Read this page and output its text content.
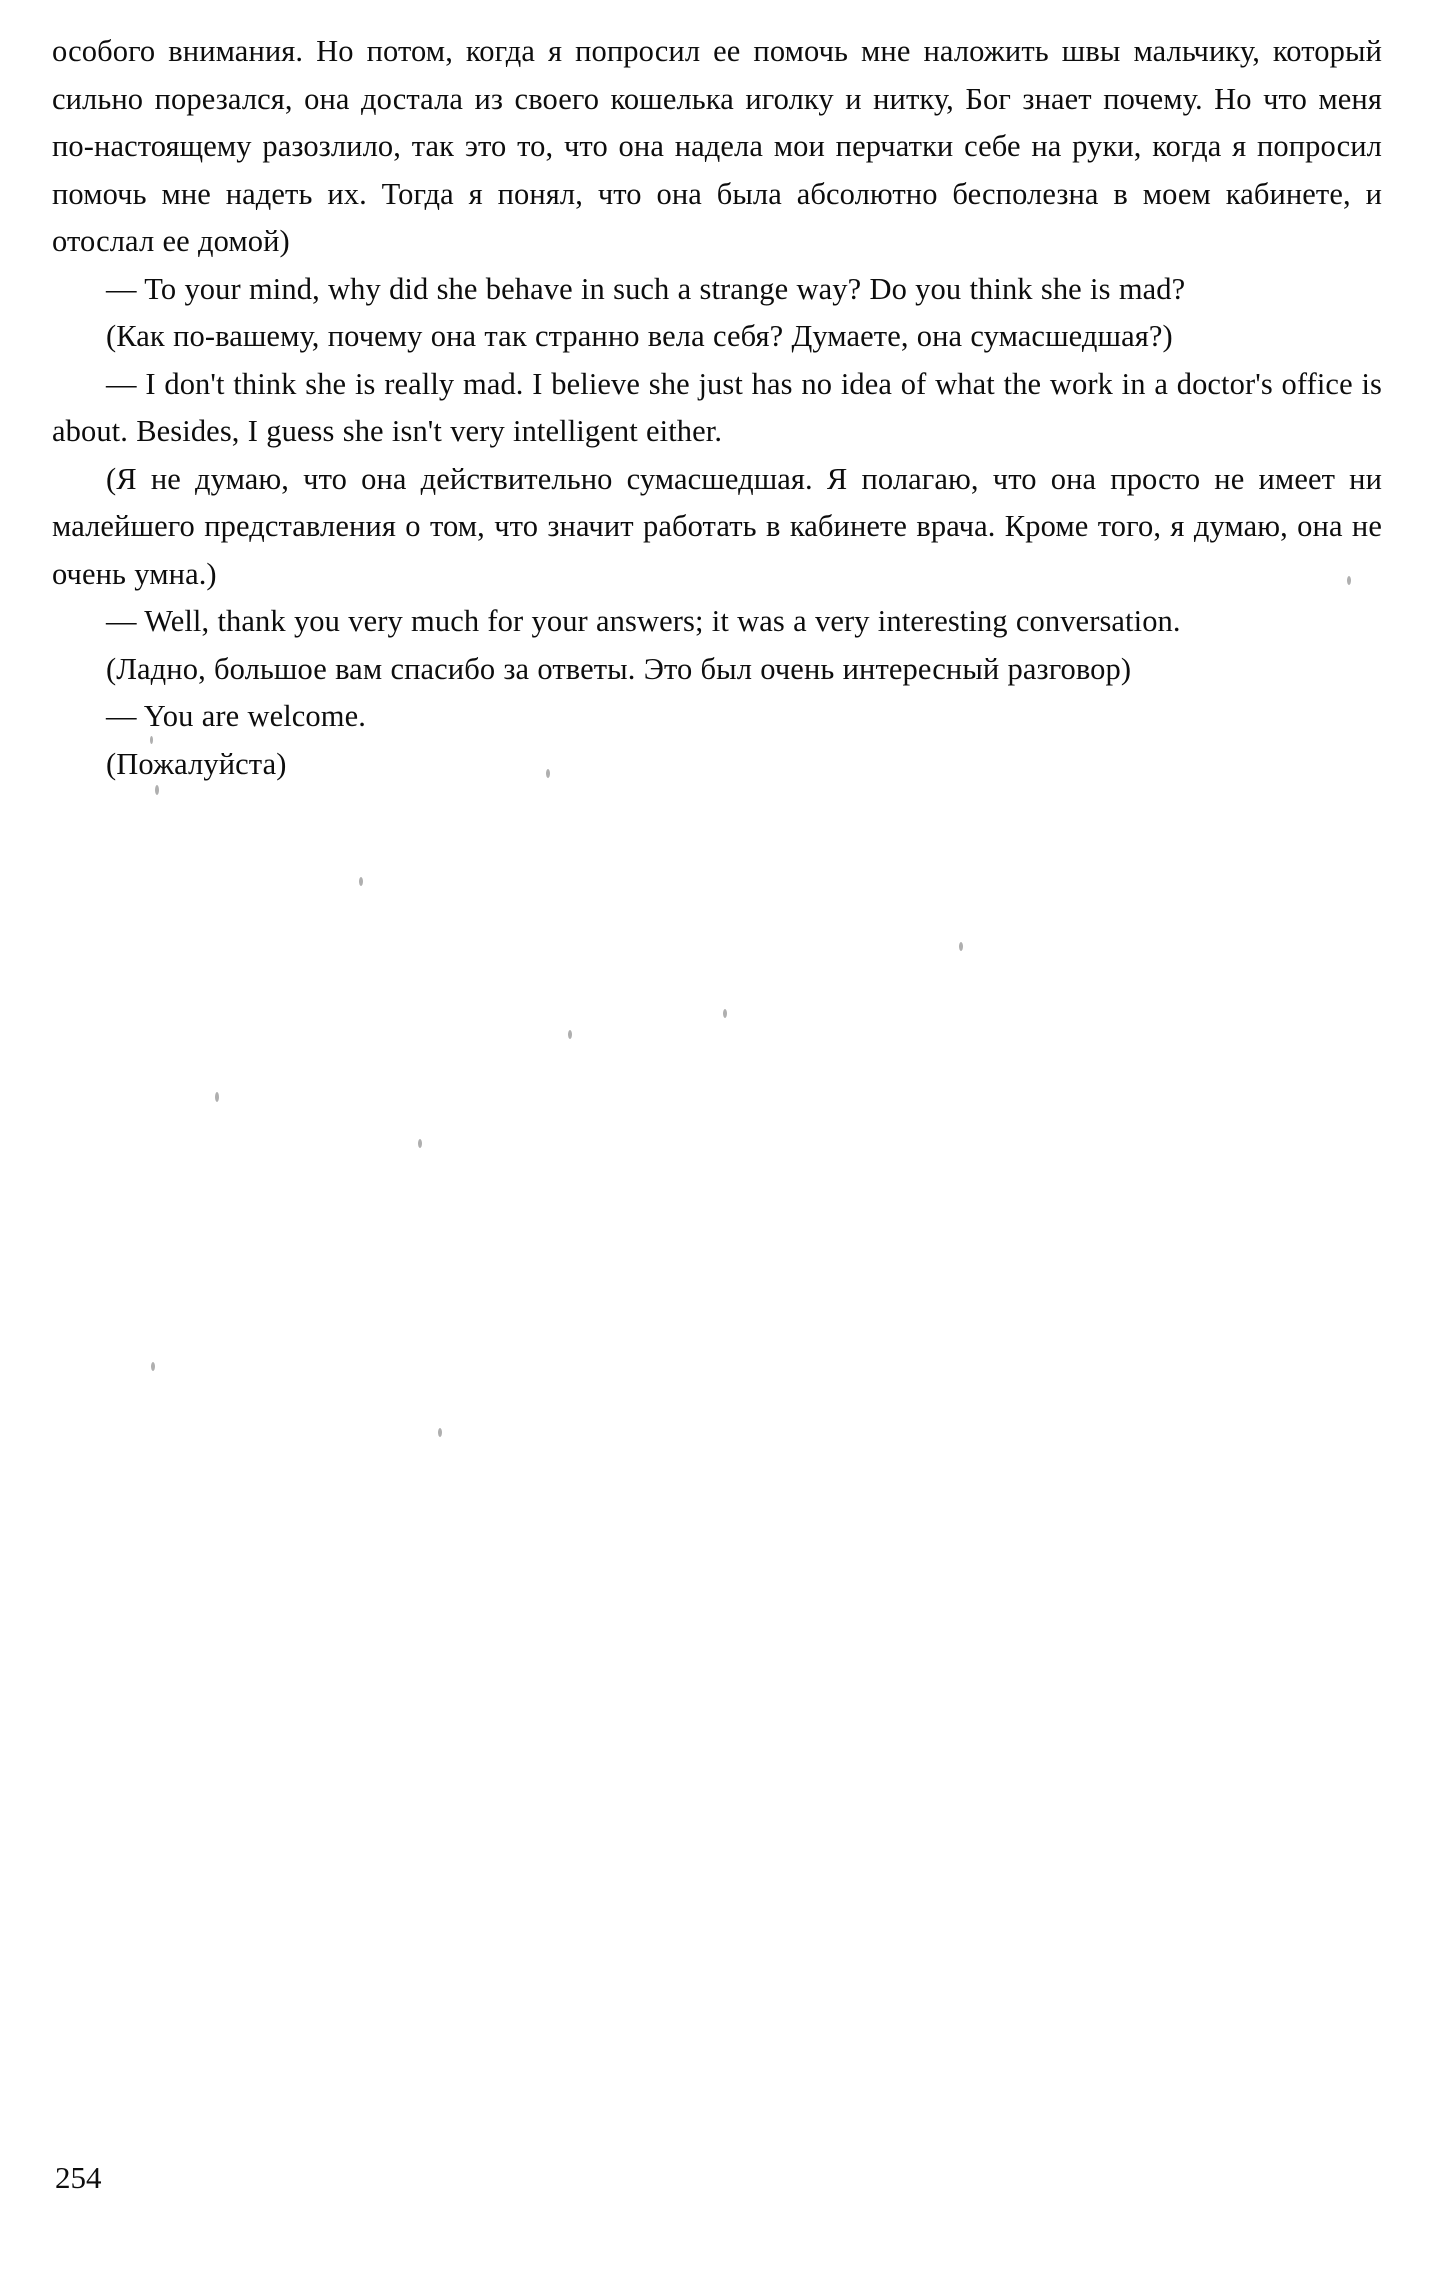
особого внимания. Но потом, когда я попросил ее помочь мне наложить швы мальчику, который сильно порезался, она достала из своего кошелька иголку и нитку, Бог знает почему. Но что меня по-настоящему разозлило, так это то, что она надела мои перчатки себе на руки, когда я попросил помочь мне надеть их. Тогда я понял, что она была абсолютно бесполезна в моем кабинете, и отослал ее домой)

— To your mind, why did she behave in such a strange way? Do you think she is mad?

(Как по-вашему, почему она так странно вела себя? Думаете, она сумасшедшая?)

— I don't think she is really mad. I believe she just has no idea of what the work in a doctor's office is about. Besides, I guess she isn't very intelligent either.

(Я не думаю, что она действительно сумасшедшая. Я полагаю, что она просто не имеет ни малейшего представления о том, что значит работать в кабинете врача. Кроме того, я думаю, она не очень умна.)

— Well, thank you very much for your answers; it was a very interesting conversation.

(Ладно, большое вам спасибо за ответы. Это был очень интересный разговор)

— You are welcome.

(Пожалуйста)

254
